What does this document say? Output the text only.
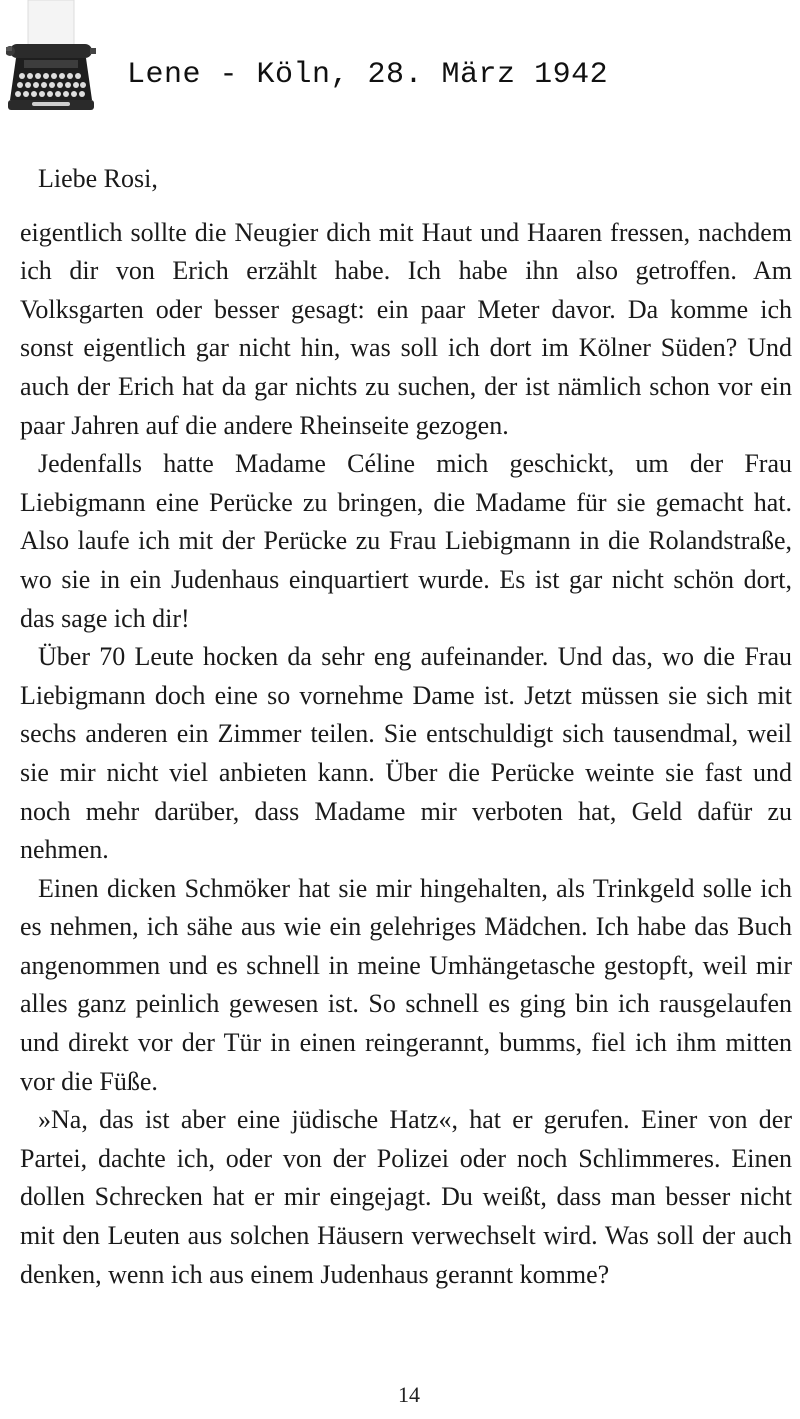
Lene - Köln, 28. März 1942

Liebe Rosi,

eigentlich sollte die Neugier dich mit Haut und Haaren fressen, nachdem ich dir von Erich erzählt habe. Ich habe ihn also getroffen. Am Volksgarten oder besser gesagt: ein paar Meter davor. Da komme ich sonst eigentlich gar nicht hin, was soll ich dort im Kölner Süden? Und auch der Erich hat da gar nichts zu suchen, der ist nämlich schon vor ein paar Jahren auf die andere Rheinseite gezogen.

Jedenfalls hatte Madame Céline mich geschickt, um der Frau Liebigmann eine Perücke zu bringen, die Madame für sie gemacht hat. Also laufe ich mit der Perücke zu Frau Liebigmann in die Rolandstraße, wo sie in ein Judenhaus einquartiert wurde. Es ist gar nicht schön dort, das sage ich dir!

Über 70 Leute hocken da sehr eng aufeinander. Und das, wo die Frau Liebigmann doch eine so vornehme Dame ist. Jetzt müssen sie sich mit sechs anderen ein Zimmer teilen. Sie entschuldigt sich tausendmal, weil sie mir nicht viel anbieten kann. Über die Perücke weinte sie fast und noch mehr darüber, dass Madame mir verboten hat, Geld dafür zu nehmen.

Einen dicken Schmöker hat sie mir hingehalten, als Trinkgeld solle ich es nehmen, ich sähe aus wie ein gelehriges Mädchen. Ich habe das Buch angenommen und es schnell in meine Umhängetasche gestopft, weil mir alles ganz peinlich gewesen ist. So schnell es ging bin ich rausgelaufen und direkt vor der Tür in einen reingerannt, bumms, fiel ich ihm mitten vor die Füße.

»Na, das ist aber eine jüdische Hatz«, hat er gerufen. Einer von der Partei, dachte ich, oder von der Polizei oder noch Schlimmeres. Einen dollen Schrecken hat er mir eingejagt. Du weißt, dass man besser nicht mit den Leuten aus solchen Häusern verwechselt wird. Was soll der auch denken, wenn ich aus einem Judenhaus gerannt komme?

14
